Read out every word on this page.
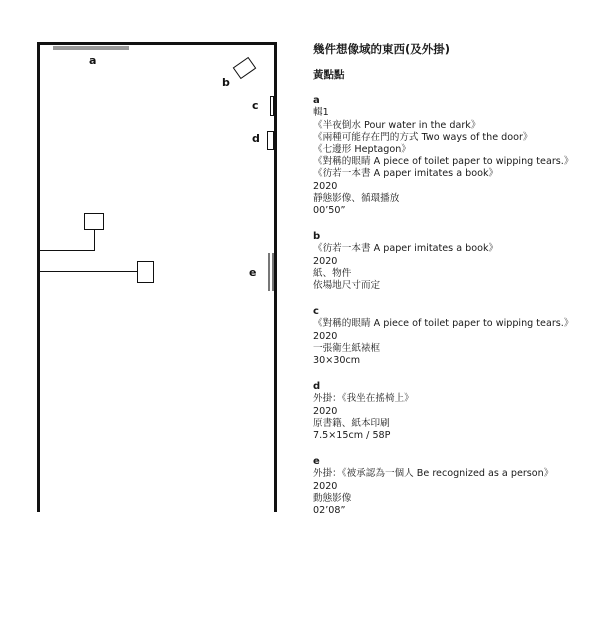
a
b
c
d
e
幾件想像域的東西(及外掛)
黃點點
a
輯1
《半夜倒水 Pour water in the dark》
《兩種可能存在門的方式 Two ways of the door》
《七邊形 Heptagon》
《對稱的眼睛 A piece of toilet paper to wipping tears.》
《彷若一本書 A paper imitates a book》
2020
靜態影像、循環播放
00’50”
b
《彷若一本書 A paper imitates a book》
2020
紙、物件
依場地尺寸而定
c
《對稱的眼睛 A piece of toilet paper to wipping tears.》
2020
一張衛生紙裱框
30×30cm
d
外掛：《我坐在搖椅上》
2020
原書籍、紙本印刷
7.5×15cm / 58P
e
外掛：《被承認為一個人 Be recognized as a person》
2020
動態影像
02’08”
